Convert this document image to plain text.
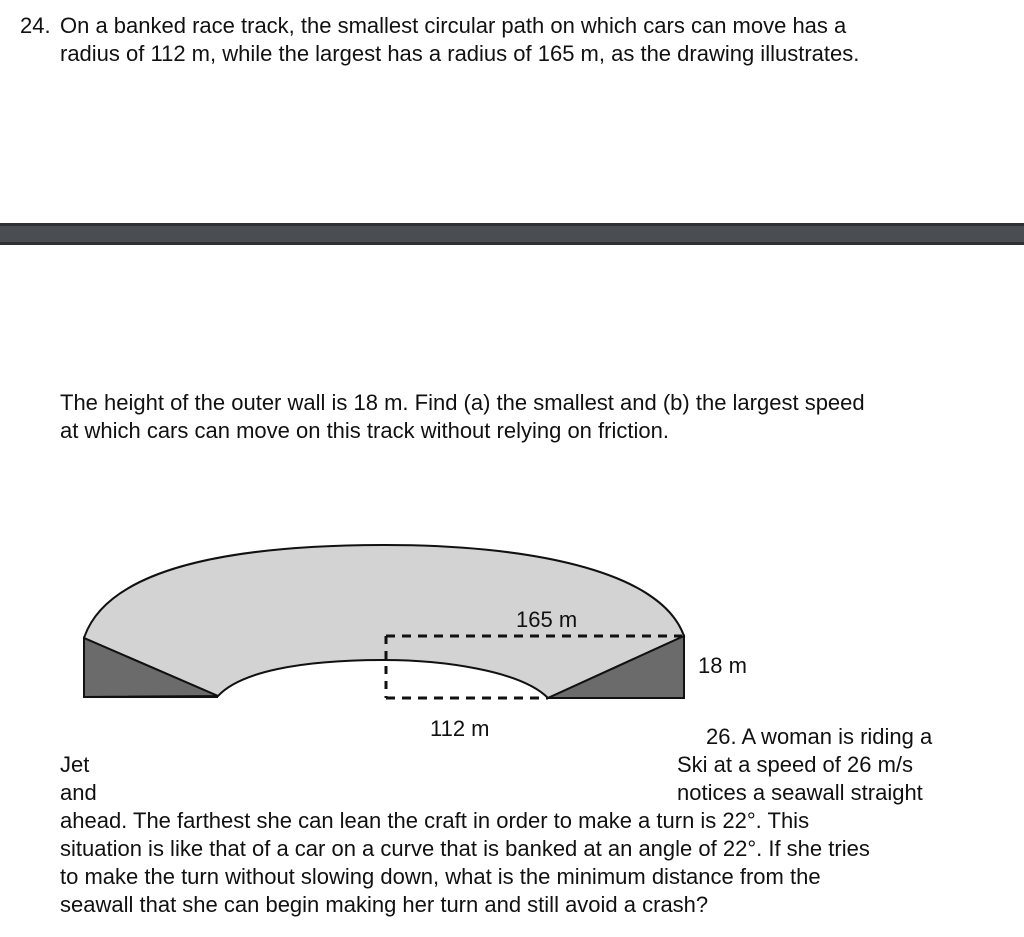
24. On a banked race track, the smallest circular path on which cars can move has a
radius of 112 m, while the largest has a radius of 165 m, as the drawing illustrates.
The height of the outer wall is 18 m. Find (a) the smallest and (b) the largest speed
at which cars can move on this track without relying on friction.
165 m
18 m
112 m	26. A woman is riding a
Jet	Ski at a speed of 26 m/s
and	notices a seawall straight
ahead. The farthest she can lean the craft in order to make a turn is 22°. This
situation is like that of a car on a curve that is banked at an angle of 22°. If she tries
to make the turn without slowing down, what is the minimum distance from the
seawall that she can begin making her turn and still avoid a crash?
